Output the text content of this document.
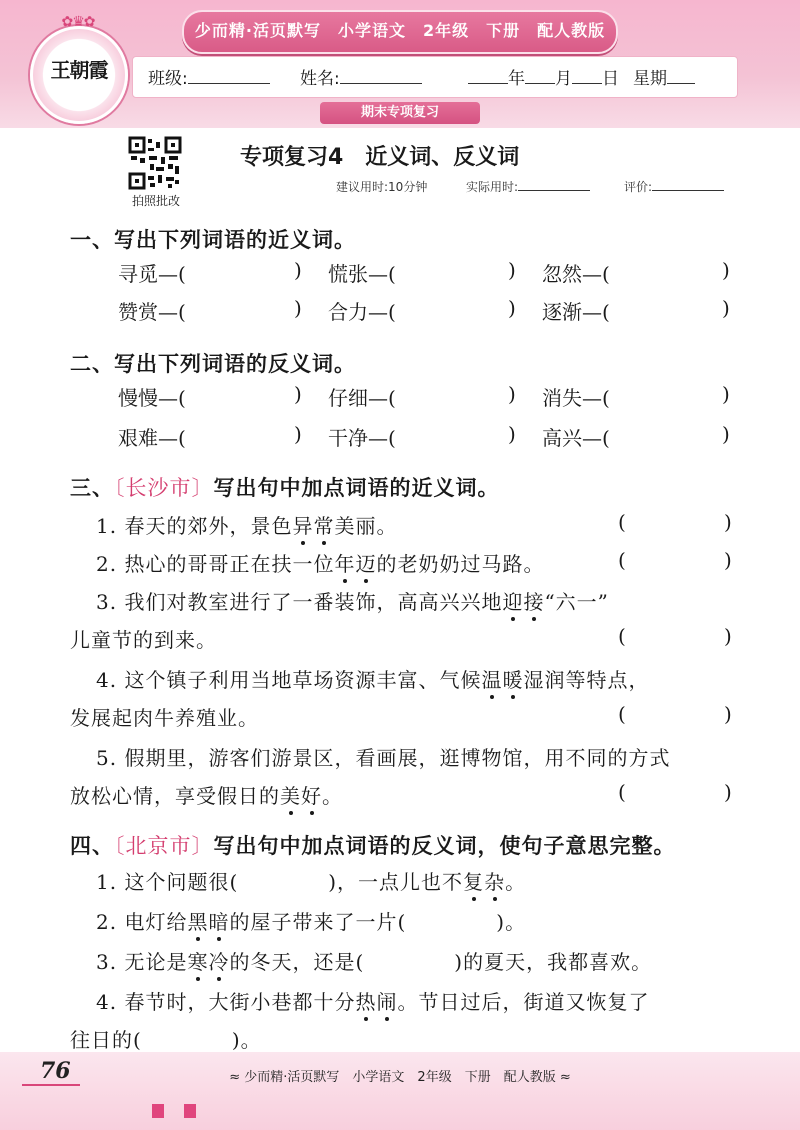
少而精·活页默写　小学语文　2年级　下册　配人教版
✿♛✿
王朝霞	班级:	姓名:	年 月 日 星期
期末专项复习
拍照批改
专项复习4　近义词、反义词
建议用时:10分钟	实际用时:	评价:
一、写出下列词语的近义词。
寻觅—(	) 慌张—(	) 忽然—(	)
赞赏—(	) 合力—(	) 逐渐—(	)
二、写出下列词语的反义词。
慢慢—(	) 仔细—(	) 消失—(	)
艰难—(	) 干净—(	) 高兴—(	)
三、〔长沙市〕写出句中加点词语的近义词。
1. 春天的郊外，景色异常美丽。	(	)
2. 热心的哥哥正在扶一位年迈的老奶奶过马路。	(	)
3. 我们对教室进行了一番装饰，高高兴兴地迎接“六一”
儿童节的到来。	(	)
4. 这个镇子利用当地草场资源丰富、气候温暖湿润等特点，
发展起肉牛养殖业。	(	)
5. 假期里，游客们游景区，看画展，逛博物馆，用不同的方式
放松心情，享受假日的美好。	(	)
四、〔北京市〕写出句中加点词语的反义词，使句子意思完整。
1. 这个问题很(	)，一点儿也不复杂。
2. 电灯给黑暗的屋子带来了一片(	)。
3. 无论是寒冷的冬天，还是(	)的夏天，我都喜欢。
4. 春节时，大街小巷都十分热闹。节日过后，街道又恢复了
往日的(	)。
76	≈ 少而精·活页默写　小学语文　2年级　下册　配人教版 ≈
